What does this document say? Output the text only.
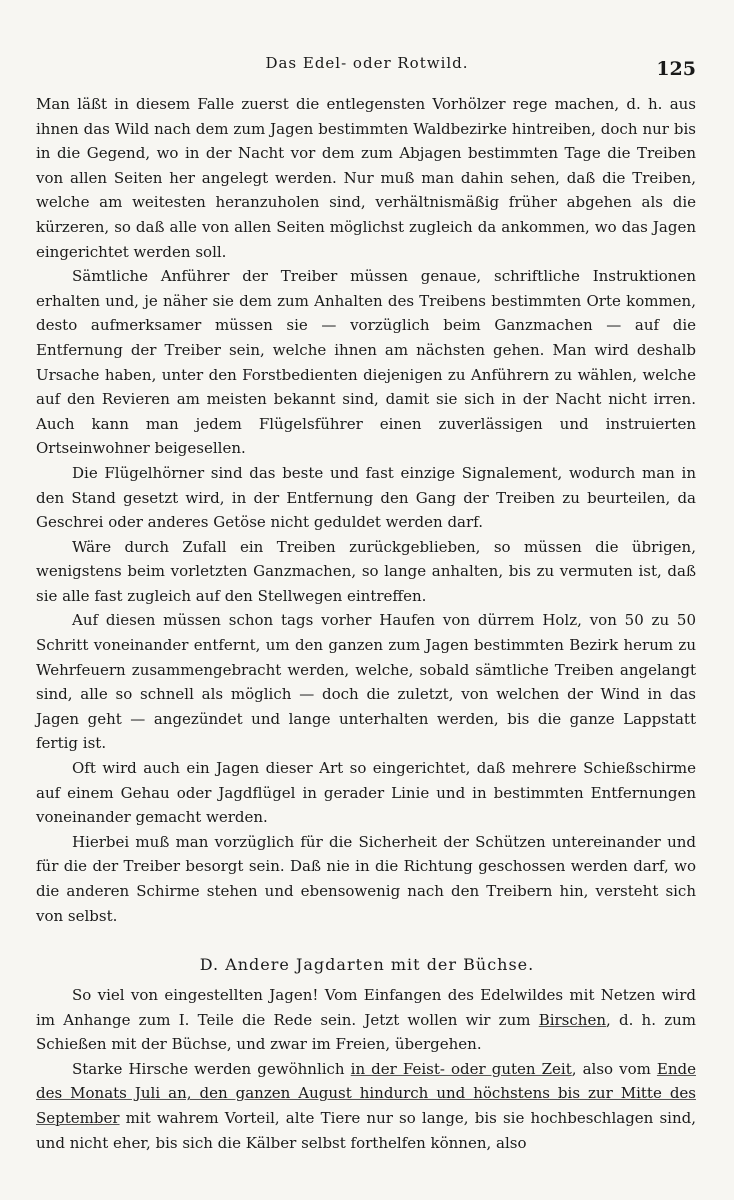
Das Edel- oder Rotwild.	125

Man läßt in diesem Falle zuerst die entlegensten Vorhölzer rege machen, d. h. aus ihnen das Wild nach dem zum Jagen bestimmten Waldbezirke hintreiben, doch nur bis in die Gegend, wo in der Nacht vor dem zum Abjagen bestimmten Tage die Treiben von allen Seiten her angelegt werden. Nur muß man dahin sehen, daß die Treiben, welche am weitesten heranzuholen sind, verhältnismäßig früher abgehen als die kürzeren, so daß alle von allen Seiten möglichst zugleich da ankommen, wo das Jagen eingerichtet werden soll.

Sämtliche Anführer der Treiber müssen genaue, schriftliche Instruktionen erhalten und, je näher sie dem zum Anhalten des Treibens bestimmten Orte kommen, desto aufmerksamer müssen sie — vorzüglich beim Ganzmachen — auf die Entfernung der Treiber sein, welche ihnen am nächsten gehen. Man wird deshalb Ursache haben, unter den Forstbedienten diejenigen zu Anführern zu wählen, welche auf den Revieren am meisten bekannt sind, damit sie sich in der Nacht nicht irren. Auch kann man jedem Flügelsführer einen zuverlässigen und instruierten Ortseinwohner beigesellen.

Die Flügelhörner sind das beste und fast einzige Signalement, wodurch man in den Stand gesetzt wird, in der Entfernung den Gang der Treiben zu beurteilen, da Geschrei oder anderes Getöse nicht geduldet werden darf.

Wäre durch Zufall ein Treiben zurückgeblieben, so müssen die übrigen, wenigstens beim vorletzten Ganzmachen, so lange anhalten, bis zu vermuten ist, daß sie alle fast zugleich auf den Stellwegen eintreffen.

Auf diesen müssen schon tags vorher Haufen von dürrem Holz, von 50 zu 50 Schritt voneinander entfernt, um den ganzen zum Jagen bestimmten Bezirk herum zu Wehrfeuern zusammengebracht werden, welche, sobald sämtliche Treiben angelangt sind, alle so schnell als möglich — doch die zuletzt, von welchen der Wind in das Jagen geht — angezündet und lange unterhalten werden, bis die ganze Lappstatt fertig ist.

Oft wird auch ein Jagen dieser Art so eingerichtet, daß mehrere Schießschirme auf einem Gehau oder Jagdflügel in gerader Linie und in bestimmten Entfernungen voneinander gemacht werden.

Hierbei muß man vorzüglich für die Sicherheit der Schützen untereinander und für die der Treiber besorgt sein. Daß nie in die Richtung geschossen werden darf, wo die anderen Schirme stehen und ebensowenig nach den Treibern hin, versteht sich von selbst.

D. Andere Jagdarten mit der Büchse.

So viel von eingestellten Jagen! Vom Einfangen des Edelwildes mit Netzen wird im Anhange zum I. Teile die Rede sein. Jetzt wollen wir zum Birschen, d. h. zum Schießen mit der Büchse, und zwar im Freien, übergehen.

Starke Hirsche werden gewöhnlich in der Feist- oder guten Zeit, also vom Ende des Monats Juli an, den ganzen August hindurch und höchstens bis zur Mitte des September mit wahrem Vorteil, alte Tiere nur so lange, bis sie hochbeschlagen sind, und nicht eher, bis sich die Kälber selbst forthelfen können, also
